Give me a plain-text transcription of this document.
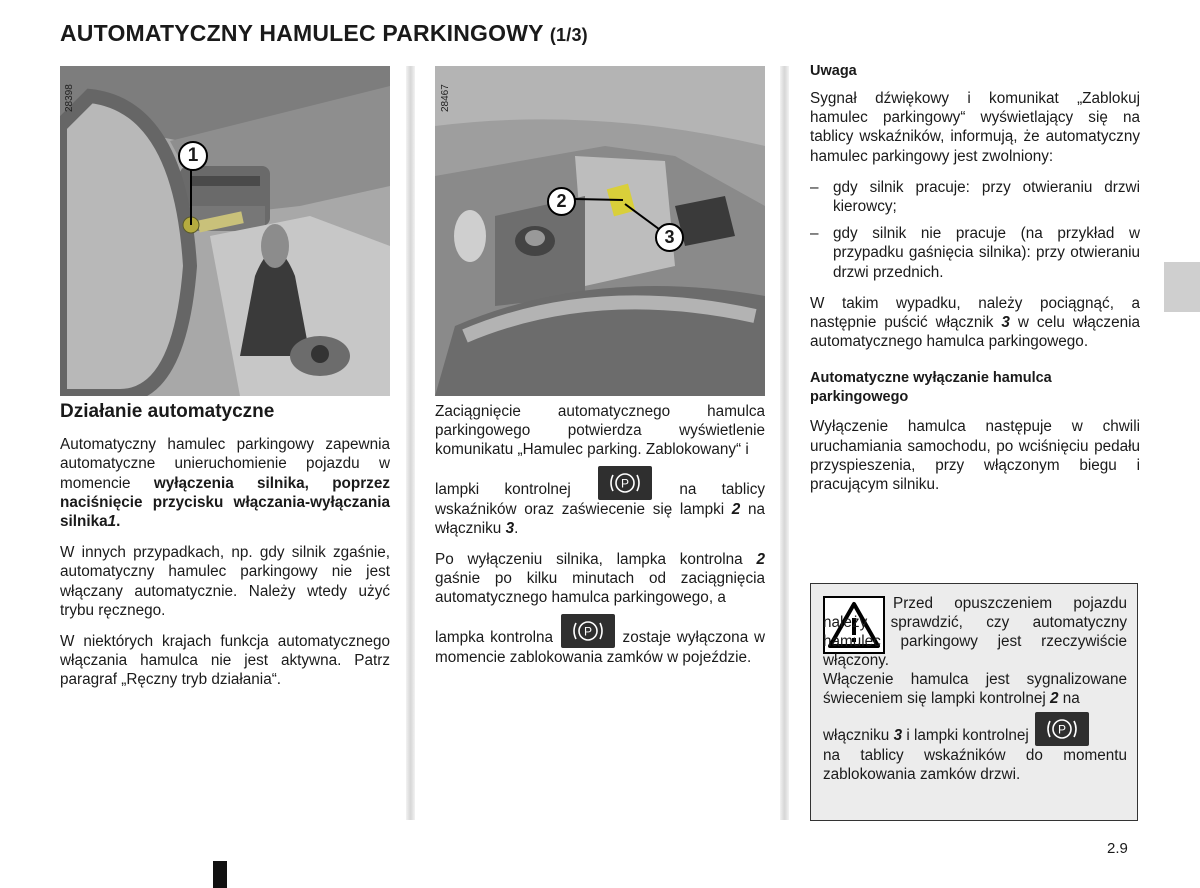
AUTOMATYCZNY HAMULEC PARKINGOWY (1/3)
1
28398
2
3
28467
Działanie automatyczne

Automatyczny hamulec parkingowy zapewnia automatyczne unieruchomienie pojazdu w momencie wyłączenia silnika, poprzez naciśnięcie przycisku włączania-wyłączania silnika1.

W innych przypadkach, np. gdy silnik zgaśnie, automatyczny hamulec parkingowy nie jest włączany automatycznie. Należy wtedy użyć trybu ręcznego.

W niektórych krajach funkcja automatycznego włączania hamulca nie jest aktywna. Patrz paragraf „Ręczny tryb działania“.

Zaciągnięcie automatycznego hamulca parkingowego potwierdza wyświetlenie komunikatu „Hamulec parking. Zablokowany“ i

lampki kontrolnej	P	na tablicy wskaźników oraz zaświecenie się lampki 2 na włączniku 3.

Po wyłączeniu silnika, lampka kontrolna 2 gaśnie po kilku minutach od zaciągnięcia automatycznego hamulca parkingowego, a

lampka kontrolna	P zostaje wyłączona w momencie zablokowania zamków w pojeździe.

Uwaga

Sygnał dźwiękowy i komunikat „Zablokuj hamulec parkingowy“ wyświetlający się na tablicy wskaźników, informują, że automatyczny hamulec parkingowy jest zwolniony:

– gdy silnik pracuje: przy otwieraniu drzwi kierowcy;
– gdy silnik nie pracuje (na przykład w przypadku gaśnięcia silnika): przy otwieraniu drzwi przednich.

W takim wypadku, należy pociągnąć, a następnie puścić włącznik 3 w celu włączenia automatycznego hamulca parkingowego.

Automatyczne wyłączanie hamulca parkingowego

Wyłączenie hamulca następuje w chwili uruchamiania samochodu, po wciśnięciu pedału przyspieszenia, przy włączonym biegu i pracującym silniku.

Przed opuszczeniem pojazdu należy sprawdzić, czy automatyczny hamulec parkingowy jest rzeczywiście włączony.

Włączenie hamulca jest sygnalizowane świeceniem się lampki kontrolnej 2 na

włączniku 3 i lampki kontrolnej P

na tablicy wskaźników do momentu zablokowania zamków drzwi.

2.9
